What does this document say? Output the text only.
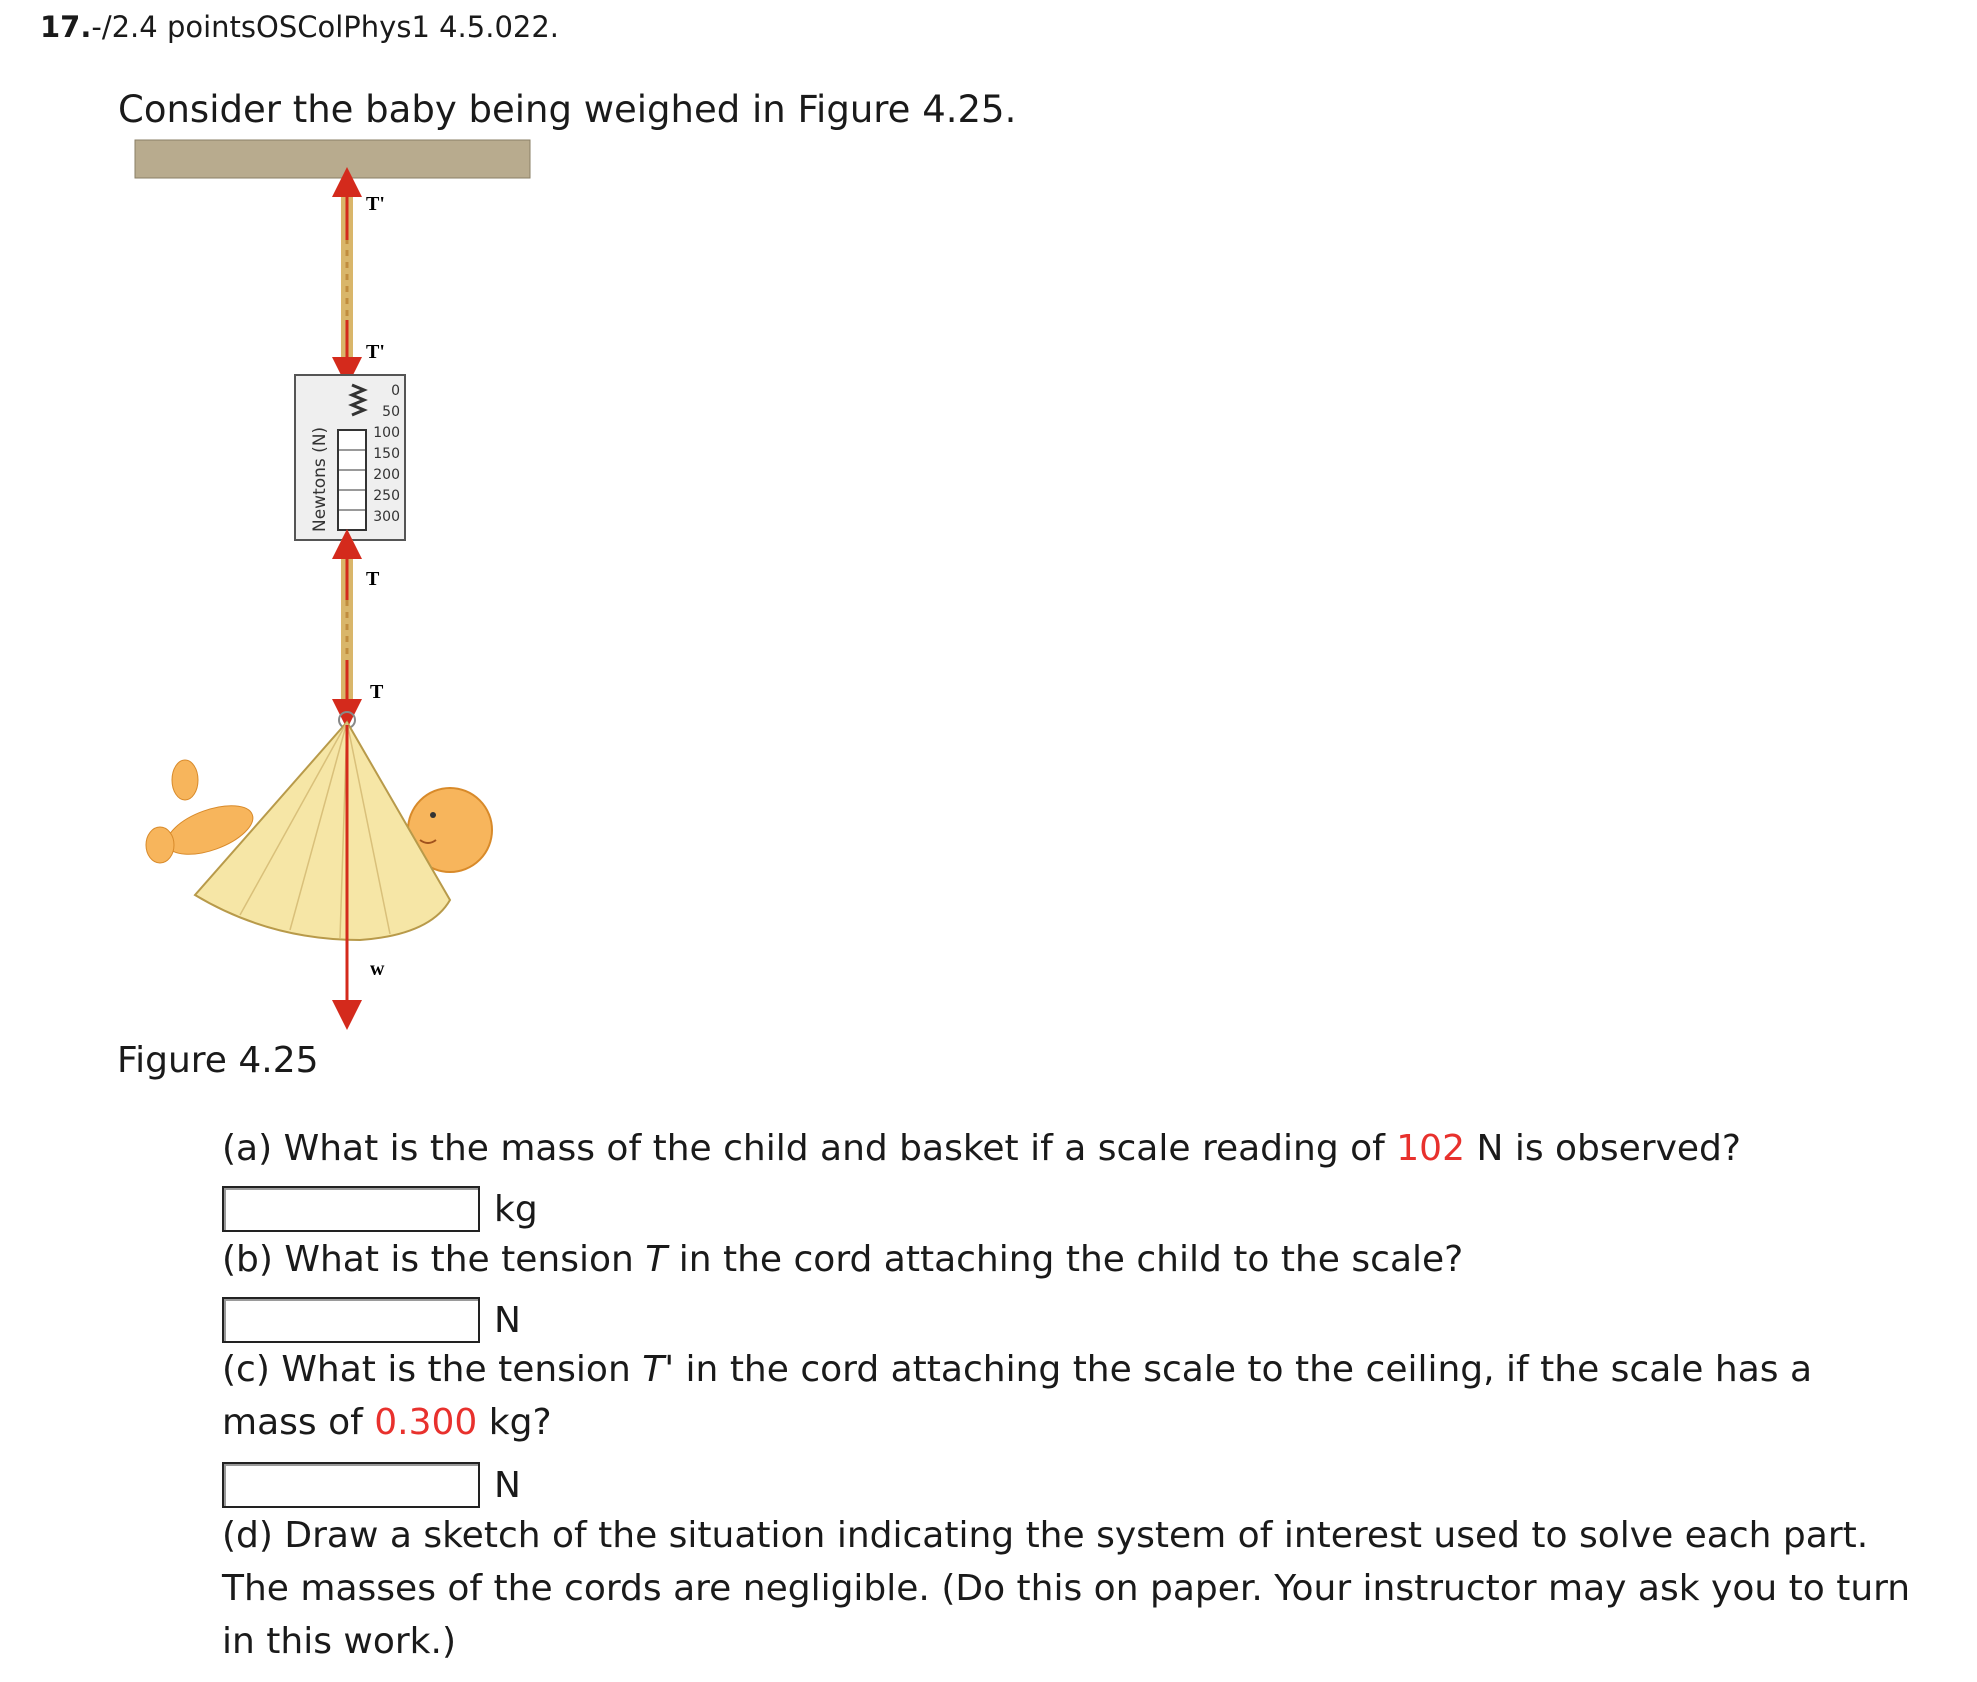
17.-/2.4 pointsOSColPhys1 4.5.022.
Consider the baby being weighed in Figure 4.25.
T'
T'
Newtons (N)
0
50
100
150
200
250
300
T
T
w
Figure 4.25
(a) What is the mass of the child and basket if a scale reading of 102 N is observed?
kg
(b) What is the tension T in the cord attaching the child to the scale?
N
(c) What is the tension T' in the cord attaching the scale to the ceiling, if the scale has a mass of 0.300 kg?
N
(d) Draw a sketch of the situation indicating the system of interest used to solve each part. The masses of the cords are negligible. (Do this on paper. Your instructor may ask you to turn in this work.)
